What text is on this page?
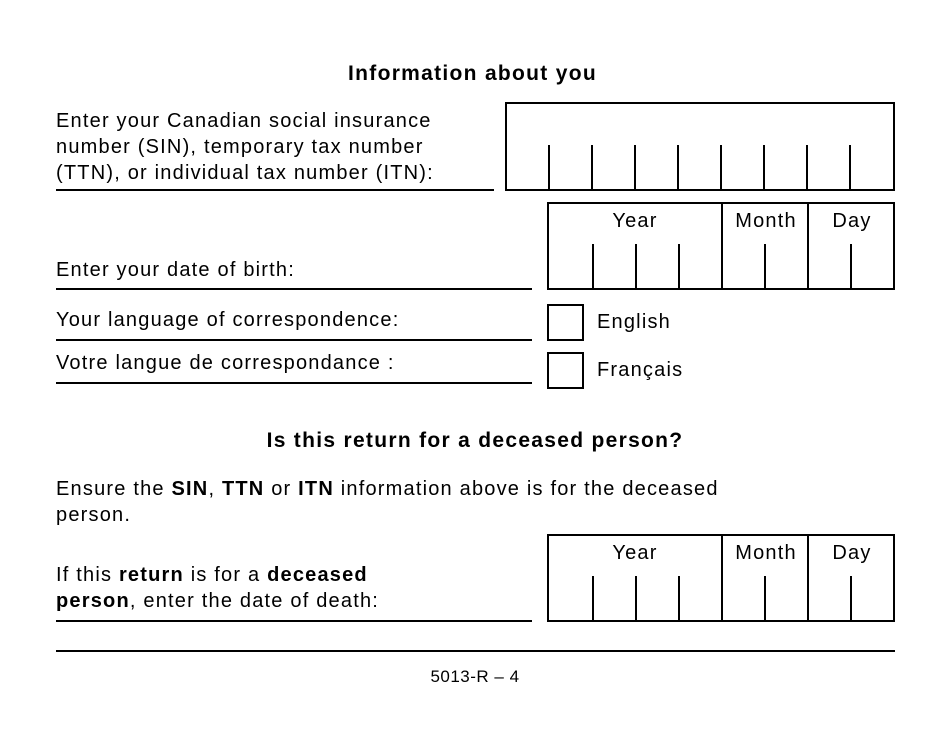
Information about you
Enter your Canadian social insurance
number (SIN), temporary tax number
(TTN), or individual tax number (ITN):
Enter your date of birth:
Year	Month	Day
Your language of correspondence:
Votre langue de correspondance :
English
Français
Is this return for a deceased person?
Ensure the SIN, TTN or ITN information above is for the deceased
person.
If this return is for a deceased
person, enter the date of death:
Year	Month	Day
5013-R – 4
